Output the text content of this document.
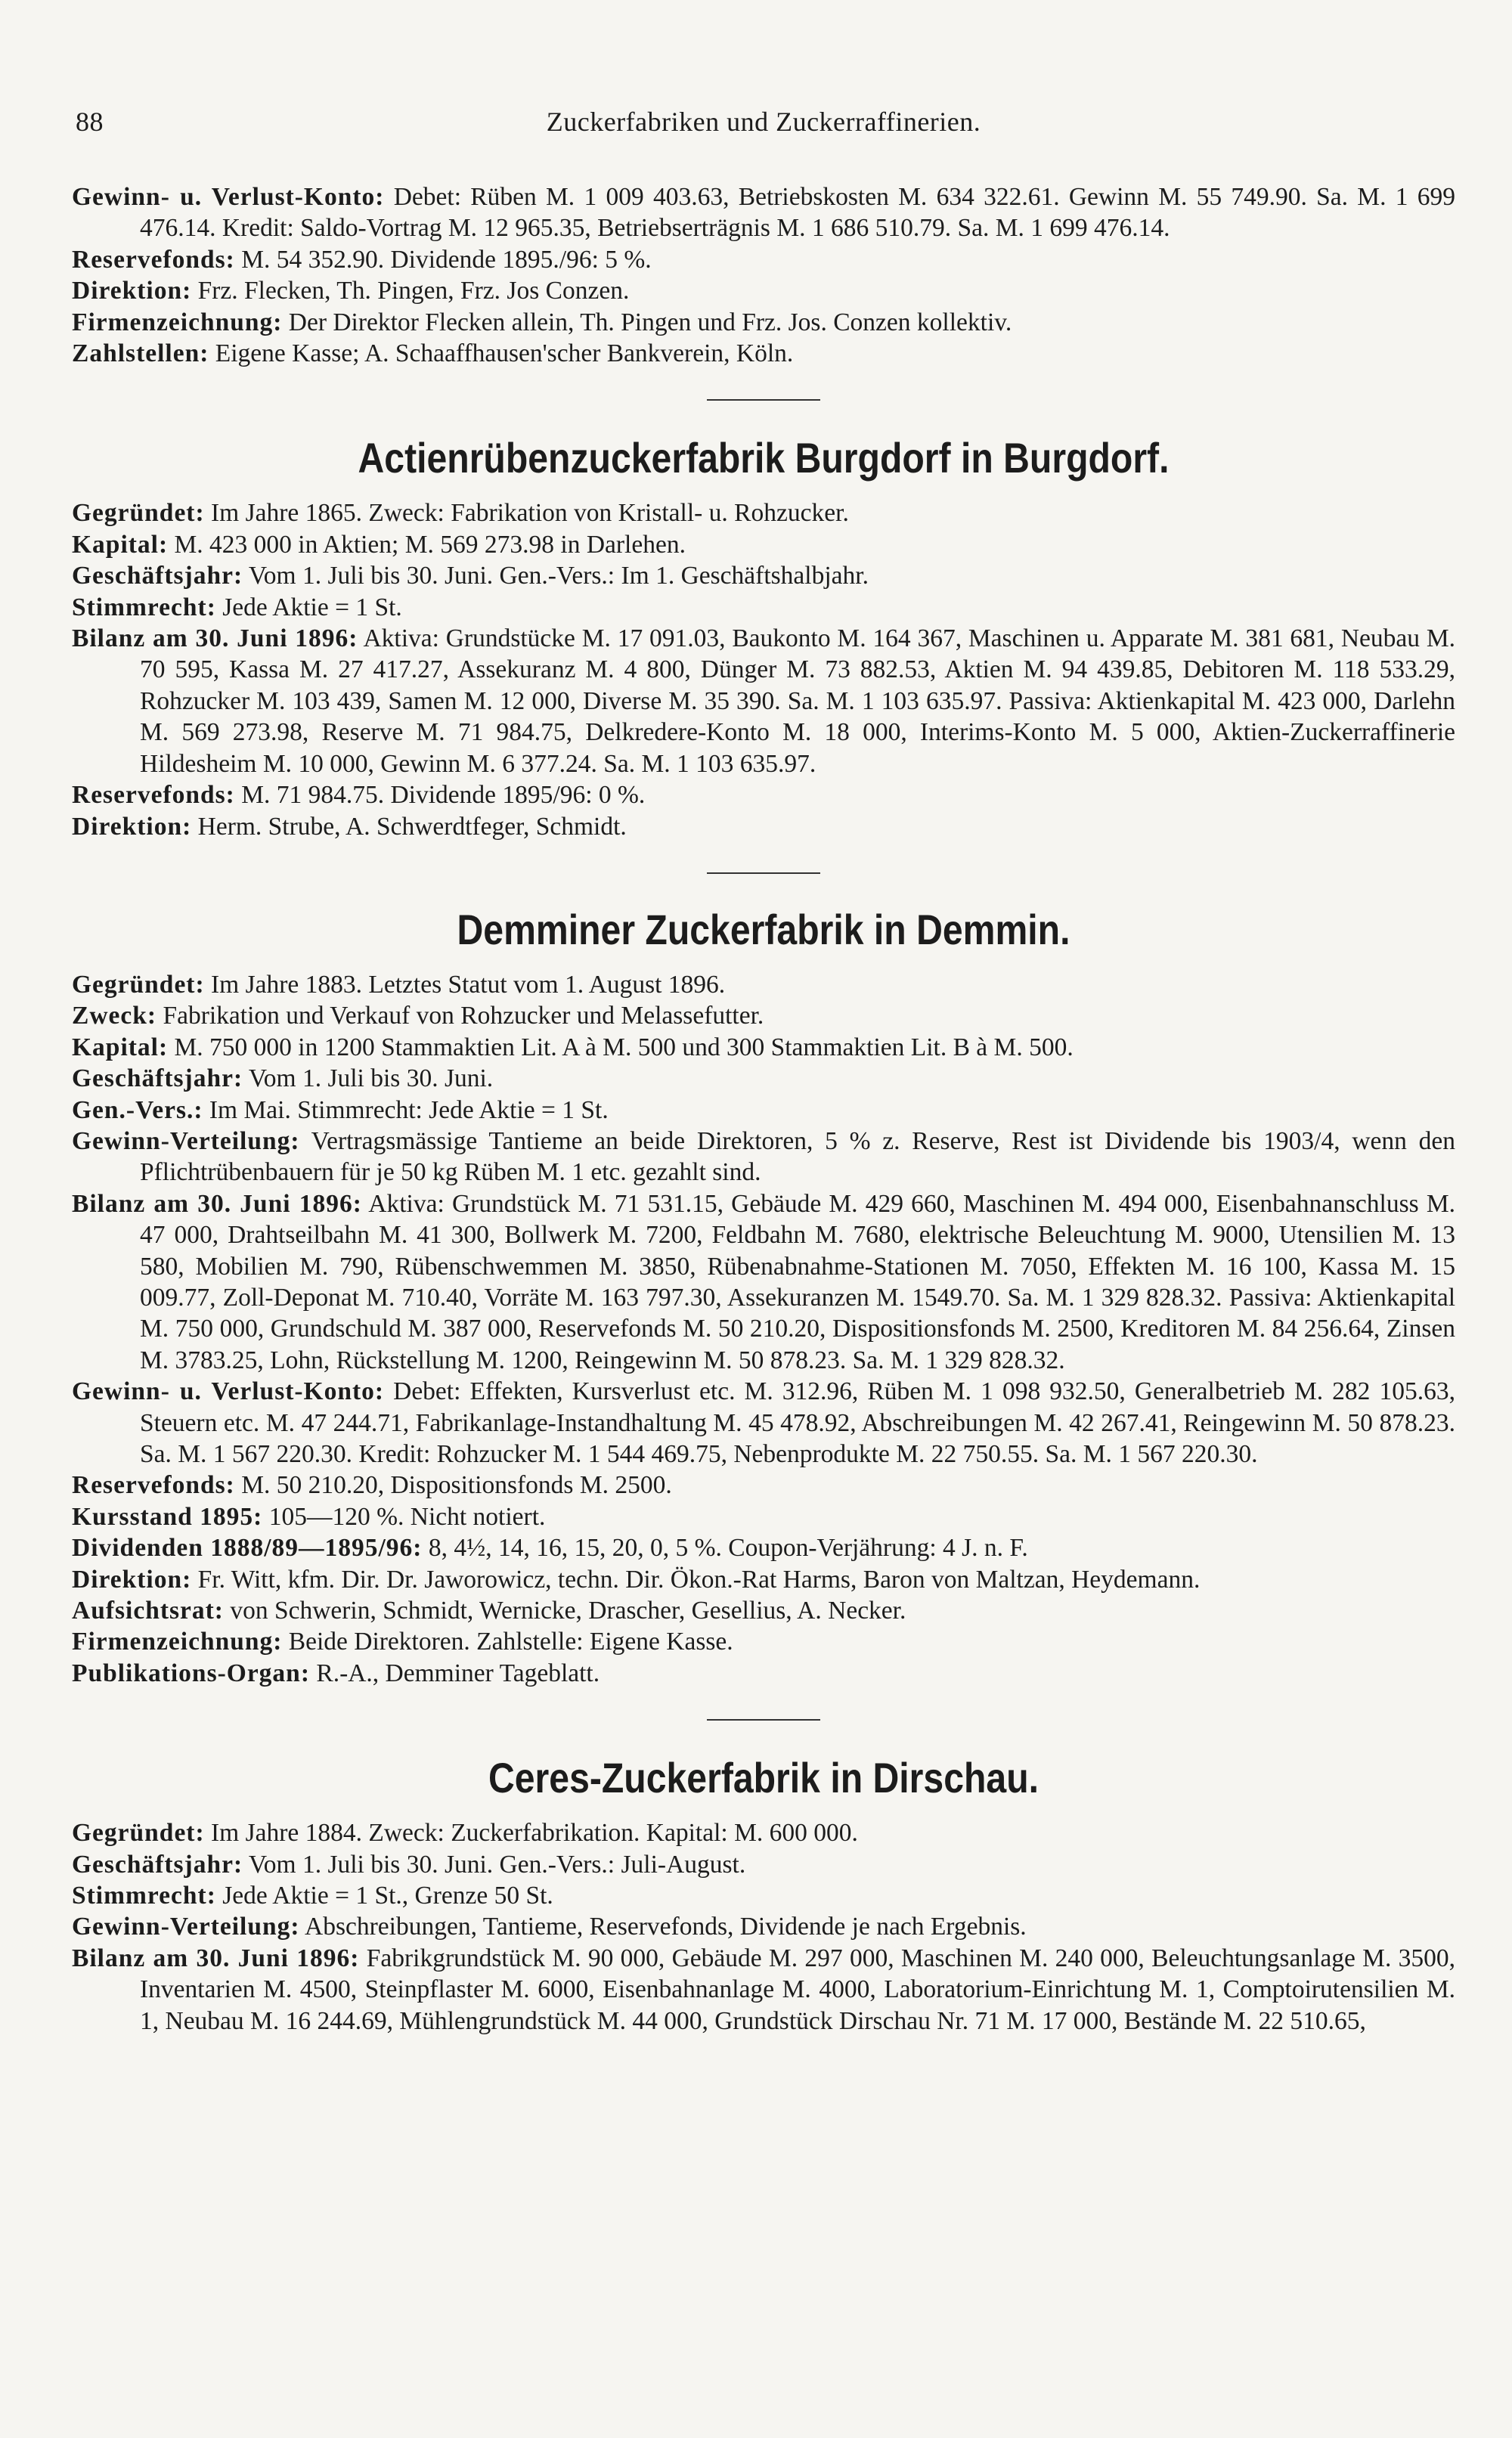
88	Zuckerfabriken und Zuckerraffinerien.

Gewinn- u. Verlust-Konto: Debet: Rüben M. 1 009 403.63, Betriebskosten M. 634 322.61. Gewinn M. 55 749.90. Sa. M. 1 699 476.14. Kredit: Saldo-Vortrag M. 12 965.35, Betriebserträgnis M. 1 686 510.79. Sa. M. 1 699 476.14.

Reservefonds: M. 54 352.90. Dividende 1895./96: 5 %.

Direktion: Frz. Flecken, Th. Pingen, Frz. Jos Conzen.

Firmenzeichnung: Der Direktor Flecken allein, Th. Pingen und Frz. Jos. Conzen kollektiv.

Zahlstellen: Eigene Kasse; A. Schaaffhausen'scher Bankverein, Köln.

Actienrübenzuckerfabrik Burgdorf in Burgdorf.

Gegründet: Im Jahre 1865. Zweck: Fabrikation von Kristall- u. Rohzucker.

Kapital: M. 423 000 in Aktien; M. 569 273.98 in Darlehen.

Geschäftsjahr: Vom 1. Juli bis 30. Juni. Gen.-Vers.: Im 1. Geschäftshalbjahr.

Stimmrecht: Jede Aktie = 1 St.

Bilanz am 30. Juni 1896: Aktiva: Grundstücke M. 17 091.03, Baukonto M. 164 367, Maschinen u. Apparate M. 381 681, Neubau M. 70 595, Kassa M. 27 417.27, Assekuranz M. 4 800, Dünger M. 73 882.53, Aktien M. 94 439.85, Debitoren M. 118 533.29, Rohzucker M. 103 439, Samen M. 12 000, Diverse M. 35 390. Sa. M. 1 103 635.97. Passiva: Aktienkapital M. 423 000, Darlehn M. 569 273.98, Reserve M. 71 984.75, Delkredere-Konto M. 18 000, Interims-Konto M. 5 000, Aktien-Zuckerraffinerie Hildesheim M. 10 000, Gewinn M. 6 377.24. Sa. M. 1 103 635.97.

Reservefonds: M. 71 984.75. Dividende 1895/96: 0 %.

Direktion: Herm. Strube, A. Schwerdtfeger, Schmidt.

Demminer Zuckerfabrik in Demmin.

Gegründet: Im Jahre 1883. Letztes Statut vom 1. August 1896.

Zweck: Fabrikation und Verkauf von Rohzucker und Melassefutter.

Kapital: M. 750 000 in 1200 Stammaktien Lit. A à M. 500 und 300 Stammaktien Lit. B à M. 500.

Geschäftsjahr: Vom 1. Juli bis 30. Juni.

Gen.-Vers.: Im Mai. Stimmrecht: Jede Aktie = 1 St.

Gewinn-Verteilung: Vertragsmässige Tantieme an beide Direktoren, 5 % z. Reserve, Rest ist Dividende bis 1903/4, wenn den Pflichtrübenbauern für je 50 kg Rüben M. 1 etc. gezahlt sind.

Bilanz am 30. Juni 1896: Aktiva: Grundstück M. 71 531.15, Gebäude M. 429 660, Maschinen M. 494 000, Eisenbahnanschluss M. 47 000, Drahtseilbahn M. 41 300, Bollwerk M. 7200, Feldbahn M. 7680, elektrische Beleuchtung M. 9000, Utensilien M. 13 580, Mobilien M. 790, Rübenschwemmen M. 3850, Rübenabnahme-Stationen M. 7050, Effekten M. 16 100, Kassa M. 15 009.77, Zoll-Deponat M. 710.40, Vorräte M. 163 797.30, Assekuranzen M. 1549.70. Sa. M. 1 329 828.32. Passiva: Aktienkapital M. 750 000, Grundschuld M. 387 000, Reservefonds M. 50 210.20, Dispositionsfonds M. 2500, Kreditoren M. 84 256.64, Zinsen M. 3783.25, Lohn, Rückstellung M. 1200, Reingewinn M. 50 878.23. Sa. M. 1 329 828.32.

Gewinn- u. Verlust-Konto: Debet: Effekten, Kursverlust etc. M. 312.96, Rüben M. 1 098 932.50, Generalbetrieb M. 282 105.63, Steuern etc. M. 47 244.71, Fabrikanlage-Instandhaltung M. 45 478.92, Abschreibungen M. 42 267.41, Reingewinn M. 50 878.23. Sa. M. 1 567 220.30. Kredit: Rohzucker M. 1 544 469.75, Nebenprodukte M. 22 750.55. Sa. M. 1 567 220.30.

Reservefonds: M. 50 210.20, Dispositionsfonds M. 2500.

Kursstand 1895: 105—120 %. Nicht notiert.

Dividenden 1888/89—1895/96: 8, 4½, 14, 16, 15, 20, 0, 5 %. Coupon-Verjährung: 4 J. n. F.

Direktion: Fr. Witt, kfm. Dir. Dr. Jaworowicz, techn. Dir. Ökon.-Rat Harms, Baron von Maltzan, Heydemann.

Aufsichtsrat: von Schwerin, Schmidt, Wernicke, Drascher, Gesellius, A. Necker.

Firmenzeichnung: Beide Direktoren. Zahlstelle: Eigene Kasse.

Publikations-Organ: R.-A., Demminer Tageblatt.

Ceres-Zuckerfabrik in Dirschau.

Gegründet: Im Jahre 1884. Zweck: Zuckerfabrikation. Kapital: M. 600 000.

Geschäftsjahr: Vom 1. Juli bis 30. Juni. Gen.-Vers.: Juli-August.

Stimmrecht: Jede Aktie = 1 St., Grenze 50 St.

Gewinn-Verteilung: Abschreibungen, Tantieme, Reservefonds, Dividende je nach Ergebnis.

Bilanz am 30. Juni 1896: Fabrikgrundstück M. 90 000, Gebäude M. 297 000, Maschinen M. 240 000, Beleuchtungsanlage M. 3500, Inventarien M. 4500, Steinpflaster M. 6000, Eisenbahnanlage M. 4000, Laboratorium-Einrichtung M. 1, Comptoirutensilien M. 1, Neubau M. 16 244.69, Mühlengrundstück M. 44 000, Grundstück Dirschau Nr. 71 M. 17 000, Bestände M. 22 510.65,
